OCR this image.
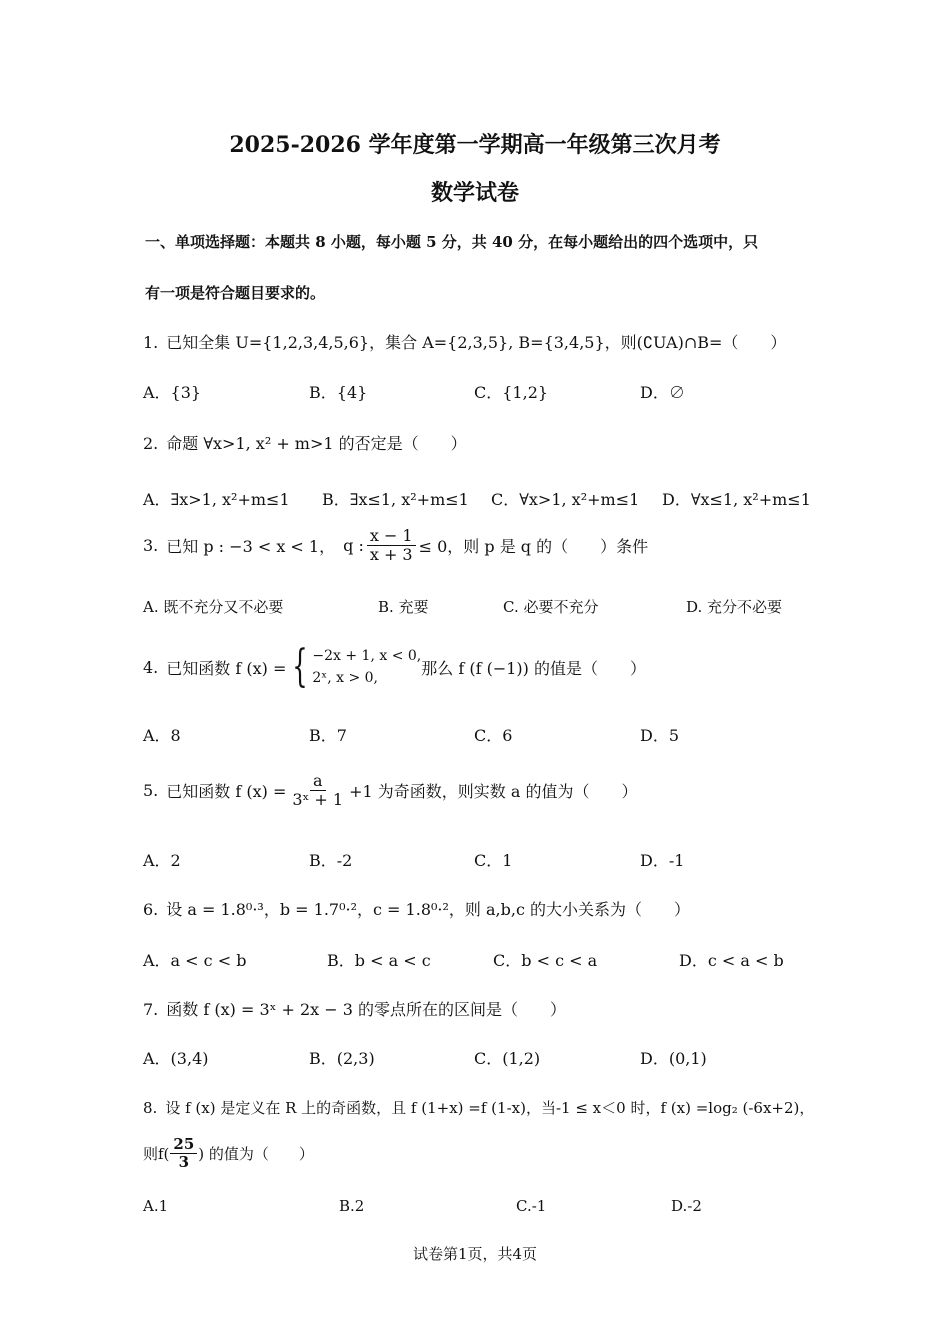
2025-2026 学年度第一学期高一年级第三次月考
数学试卷
一、单项选择题：本题共 8 小题，每小题 5 分，共 40 分，在每小题给出的四个选项中，只
有一项是符合题目要求的。
1. 已知全集 U={1,2,3,4,5,6}，集合 A={2,3,5}, B={3,4,5}，则(∁UA)∩B=（　　）
A．{3}	B．{4}	C．{1,2}	D．∅
2. 命题 ∀x>1, x² + m>1 的否定是（　　）
A．∃x>1, x²+m≤1 B．∃x≤1, x²+m≤1 C．∀x>1, x²+m≤1 D．∀x≤1, x²+m≤1
3. 已知 p : −3 < x < 1， q : $\frac{x - 1}{x + 3} \le 0$，则 p 是 q 的（　　）条件
A. 既不充分又不必要	B. 充要	C. 必要不充分	D. 充分不必要
4. 已知函数 f (x) = { −2x + 1, x < 0,
2ˣ, x > 0,
那么 f (f (−1)) 的值是（　　）
A．8	B．7	C．6	D．5
5. 已知函数 f $(x) = \frac{a}{\text{3ˣ + 1}} +1$ 为奇函数，则实数 a 的值为（　　）
A．2	B．-2	C．1	D．-1
6. 设 a = 1.8⁰·³，b = 1.7⁰·²，c = 1.8⁰·²，则 a,b,c 的大小关系为（　　）
A．a < c < b	B．b < a < c	C．b < c < a	D．c < a < b
7. 函数 f (x) = 3ˣ + 2x − 3 的零点所在的区间是（　　）
A．(3,4)	B．(2,3)	C．(1,2)	D．(0,1)
8. 设 f (x) 是定义在 R 上的奇函数，且 f (1+x) =f (1-x)，当-1 ≤ x＜0 时，f (x) =log₂ (-6x+2)，
则$f( \frac{25}{3}$ ) 的值为（　　）
A.1	B.2	C.-1	D.-2
试卷第1页，共4页
